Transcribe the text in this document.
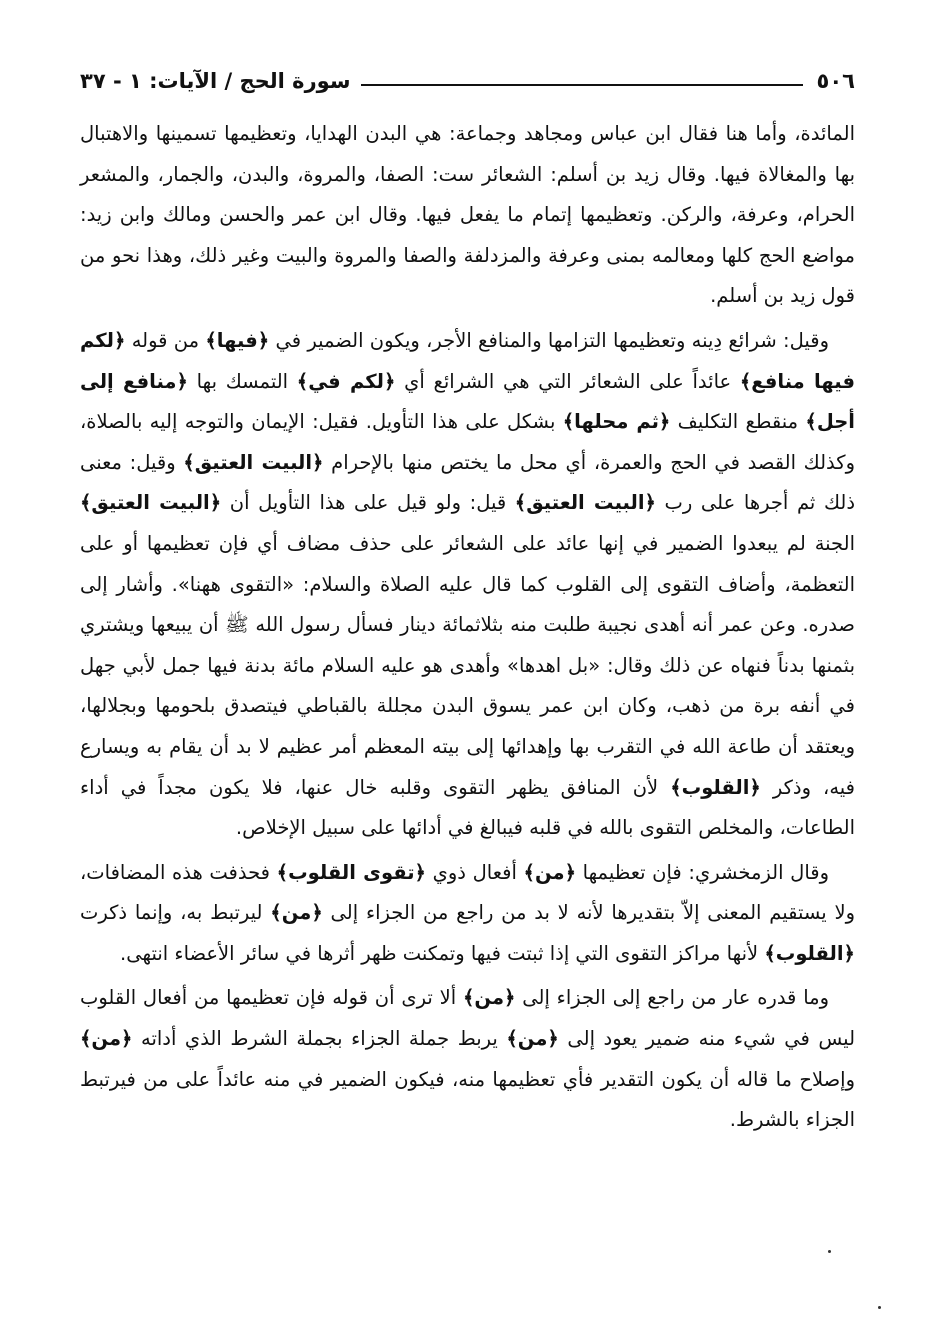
٥٠٦
سورة الحج / الآيات: ١ - ٣٧

المائدة، وأما هنا فقال ابن عباس ومجاهد وجماعة: هي البدن الهدايا، وتعظيمها تسمينها والاهتبال بها والمغالاة فيها. وقال زيد بن أسلم: الشعائر ست: الصفا، والمروة، والبدن، والجمار، والمشعر الحرام، وعرفة، والركن. وتعظيمها إتمام ما يفعل فيها. وقال ابن عمر والحسن ومالك وابن زيد: مواضع الحج كلها ومعالمه بمنى وعرفة والمزدلفة والصفا والمروة والبيت وغير ذلك، وهذا نحو من قول زيد بن أسلم.

وقيل: شرائع دِينه وتعظيمها التزامها والمنافع الأجر، ويكون الضمير في ﴿فيها﴾ من قوله ﴿لكم فيها منافع﴾ عائداً على الشعائر التي هي الشرائع أي ﴿لكم في﴾ التمسك بها ﴿منافع إلى أجل﴾ منقطع التكليف ﴿ثم محلها﴾ بشكل على هذا التأويل. فقيل: الإيمان والتوجه إليه بالصلاة، وكذلك القصد في الحج والعمرة، أي محل ما يختص منها بالإحرام ﴿البيت العتيق﴾ وقيل: معنى ذلك ثم أجرها على رب ﴿البيت العتيق﴾ قيل: ولو قيل على هذا التأويل أن ﴿البيت العتيق﴾ الجنة لم يبعدوا الضمير في إنها عائد على الشعائر على حذف مضاف أي فإن تعظيمها أو على التعظمة، وأضاف التقوى إلى القلوب كما قال عليه الصلاة والسلام: «التقوى ههنا». وأشار إلى صدره. وعن عمر أنه أهدى نجيبة طلبت منه بثلاثمائة دينار فسأل رسول الله ﷺ أن يبيعها ويشتري بثمنها بدناً فنهاه عن ذلك وقال: «بل اهدها» وأهدى هو عليه السلام مائة بدنة فيها جمل لأبي جهل في أنفه برة من ذهب، وكان ابن عمر يسوق البدن مجللة بالقباطي فيتصدق بلحومها وبجلالها، ويعتقد أن طاعة الله في التقرب بها وإهدائها إلى بيته المعظم أمر عظيم لا بد أن يقام به ويسارع فيه، وذكر ﴿القلوب﴾ لأن المنافق يظهر التقوى وقلبه خال عنها، فلا يكون مجداً في أداء الطاعات، والمخلص التقوى بالله في قلبه فيبالغ في أدائها على سبيل الإخلاص.

وقال الزمخشري: فإن تعظيمها ﴿من﴾ أفعال ذوي ﴿تقوى القلوب﴾ فحذفت هذه المضافات، ولا يستقيم المعنى إلاّ بتقديرها لأنه لا بد من راجع من الجزاء إلى ﴿من﴾ ليرتبط به، وإنما ذكرت ﴿القلوب﴾ لأنها مراكز التقوى التي إذا ثبتت فيها وتمكنت ظهر أثرها في سائر الأعضاء انتهى.

وما قدره عار من راجع إلى الجزاء إلى ﴿من﴾ ألا ترى أن قوله فإن تعظيمها من أفعال القلوب ليس في شيء منه ضمير يعود إلى ﴿من﴾ يربط جملة الجزاء بجملة الشرط الذي أداته ﴿من﴾ وإصلاح ما قاله أن يكون التقدير فأي تعظيمها منه، فيكون الضمير في منه عائداً على من فيرتبط الجزاء بالشرط.
